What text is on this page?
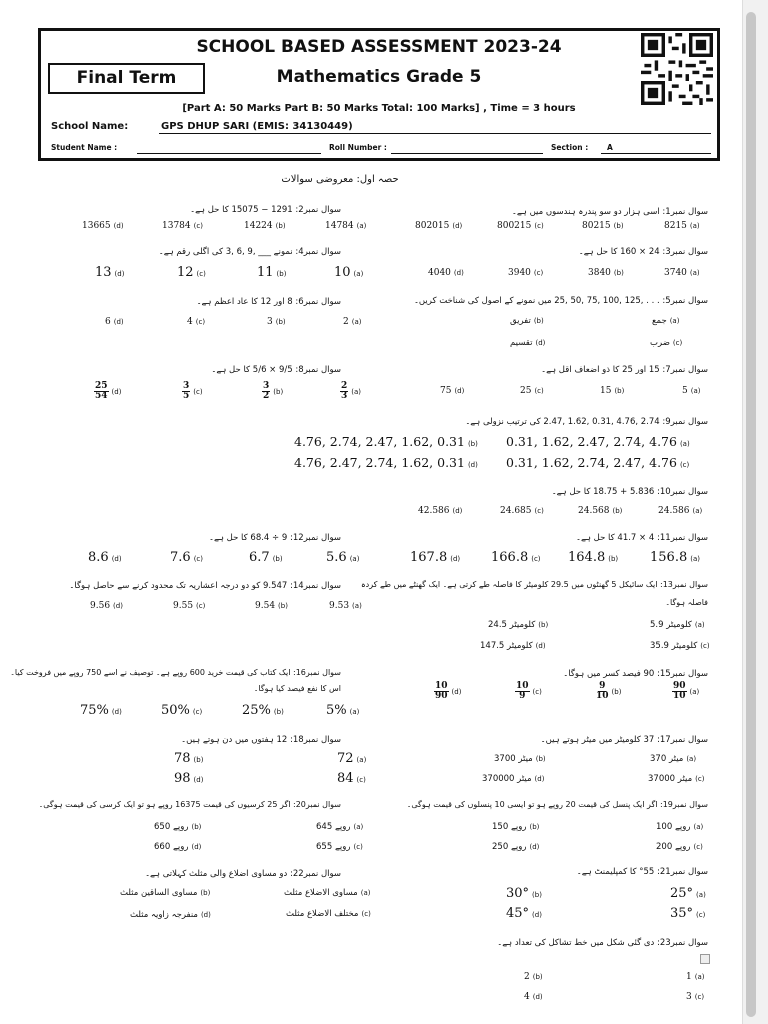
SCHOOL BASED ASSESSMENT 2023-24
Final Term	Mathematics Grade 5
[Part A: 50 Marks Part B: 50 Marks Total: 100 Marks] , Time = 3 hours
School Name:	GPS DHUP SARI (EMIS: 34130449)
Student Name :	Roll Number :	Section :	A
حصہ اول: معروضی سوالات
سوال نمبر1: اسی ہزار دو سو پندرہ ہندسوں میں ہے۔
8215 (a)
80215 (b)
800215 (c)
802015 (d)
سوال نمبر2: 1291 − 15075 کا حل ہے۔
14784 (a)
14224 (b)
13784 (c)
13665 (d)
سوال نمبر3: 24 × 160 کا حل ہے۔
3740 (a)
3840 (b)
3940 (c)
4040 (d)
سوال نمبر4: نمونے ___ ,9 ,6 ,3 کی اگلی رقم ہے۔
10 (a)
11 (b)
12 (c)
13 (d)
سوال نمبر5: . . . ,125 ,100 ,75 ,50 ,25 میں نمونے کے اصول کی شناخت کریں۔
جمع (a)
تفریق (b)
ضرب (c)
تقسیم (d)
سوال نمبر6: 8 اور 12 کا عاد اعظم ہے۔
2 (a)
3 (b)
4 (c)
6 (d)
سوال نمبر7: 15 اور 25 کا ذو اضعاف اقل ہے۔
5 (a)
15 (b)
25 (c)
75 (d)
سوال نمبر8: 9/5 × 5/6 کا حل ہے۔
$\frac{2}{3} (a)$
$\frac{3}{2} (b)$
$\frac{3}{5} (c)$
$\frac{25}{54} (d)$
سوال نمبر9: 2.74 ,4.76 ,0.31 ,1.62 ,2.47 کی ترتیب نزولی ہے۔
0.31, 1.62, 2.47, 2.74, 4.76 (a)
4.76, 2.74, 2.47, 1.62, 0.31 (b)
0.31, 1.62, 2.74, 2.47, 4.76 (c)
4.76, 2.47, 2.74, 1.62, 0.31 (d)
سوال نمبر10: 5.836 + 18.75 کا حل ہے۔
24.586 (a)
24.568 (b)
24.685 (c)
42.586 (d)
سوال نمبر11: 4 × 41.7 کا حل ہے۔
156.8 (a)
164.8 (b)
166.8 (c)
167.8 (d)
سوال نمبر12: 9 ÷ 68.4 کا حل ہے۔
5.6 (a)
6.7 (b)
7.6 (c)
8.6 (d)
سوال نمبر13: ایک سائیکل 5 گھنٹوں میں 29.5 کلومیٹر کا فاصلہ طے کرتی ہے۔ ایک گھنٹے میں طے کردہ
فاصلہ ہوگا۔
5.9 کلومیٹر (a)
24.5 کلومیٹر (b)
35.9 کلومیٹر (c)
147.5 کلومیٹر (d)
سوال نمبر14: 9.547 کو دو درجہ اعشاریہ تک محدود کرنے سے حاصل ہوگا۔
9.53 (a)
9.54 (b)
9.55 (c)
9.56 (d)
سوال نمبر15: 90 فیصد کسر میں ہوگا۔
$\frac{90}{10} (a)$
$\frac{9}{10} (b)$
$\frac{10}{9} (c)$
$\frac{10}{90} (d)$
سوال نمبر16: ایک کتاب کی قیمت خرید 600 روپے ہے۔ توصیف نے اسے 750 روپے میں فروخت کیا۔
اس کا نفع فیصد کیا ہوگا۔
5% (a)
25% (b)
50% (c)
75% (d)
سوال نمبر17: 37 کلومیٹر میں میٹر ہوتے ہیں۔
370 میٹر (a)
3700 میٹر (b)
37000 میٹر (c)
370000 میٹر (d)
سوال نمبر18: 12 ہفتوں میں دن ہوتے ہیں۔
72 (a)
78 (b)
84 (c)
98 (d)
سوال نمبر19: اگر ایک پنسل کی قیمت 20 روپے ہو تو ایسی 10 پنسلوں کی قیمت ہوگی۔
100 روپے (a)
150 روپے (b)
200 روپے (c)
250 روپے (d)
سوال نمبر20: اگر 25 کرسیوں کی قیمت 16375 روپے ہو تو ایک کرسی کی قیمت ہوگی۔
645 روپے (a)
650 روپے (b)
655 روپے (c)
660 روپے (d)
سوال نمبر21: 55° کا کمپلیمنٹ ہے۔
25° (a)
30° (b)
35° (c)
45° (d)
سوال نمبر22: دو مساوی اضلاع والی مثلث کہلاتی ہے۔
مساوی الاضلاع مثلث (a)
مساوی الساقین مثلث (b)
مختلف الاضلاع مثلث (c)
منفرجہ زاویہ مثلث (d)
سوال نمبر23: دی گئی شکل میں خط تشاکل کی تعداد ہے۔
1 (a)
2 (b)
3 (c)
4 (d)
